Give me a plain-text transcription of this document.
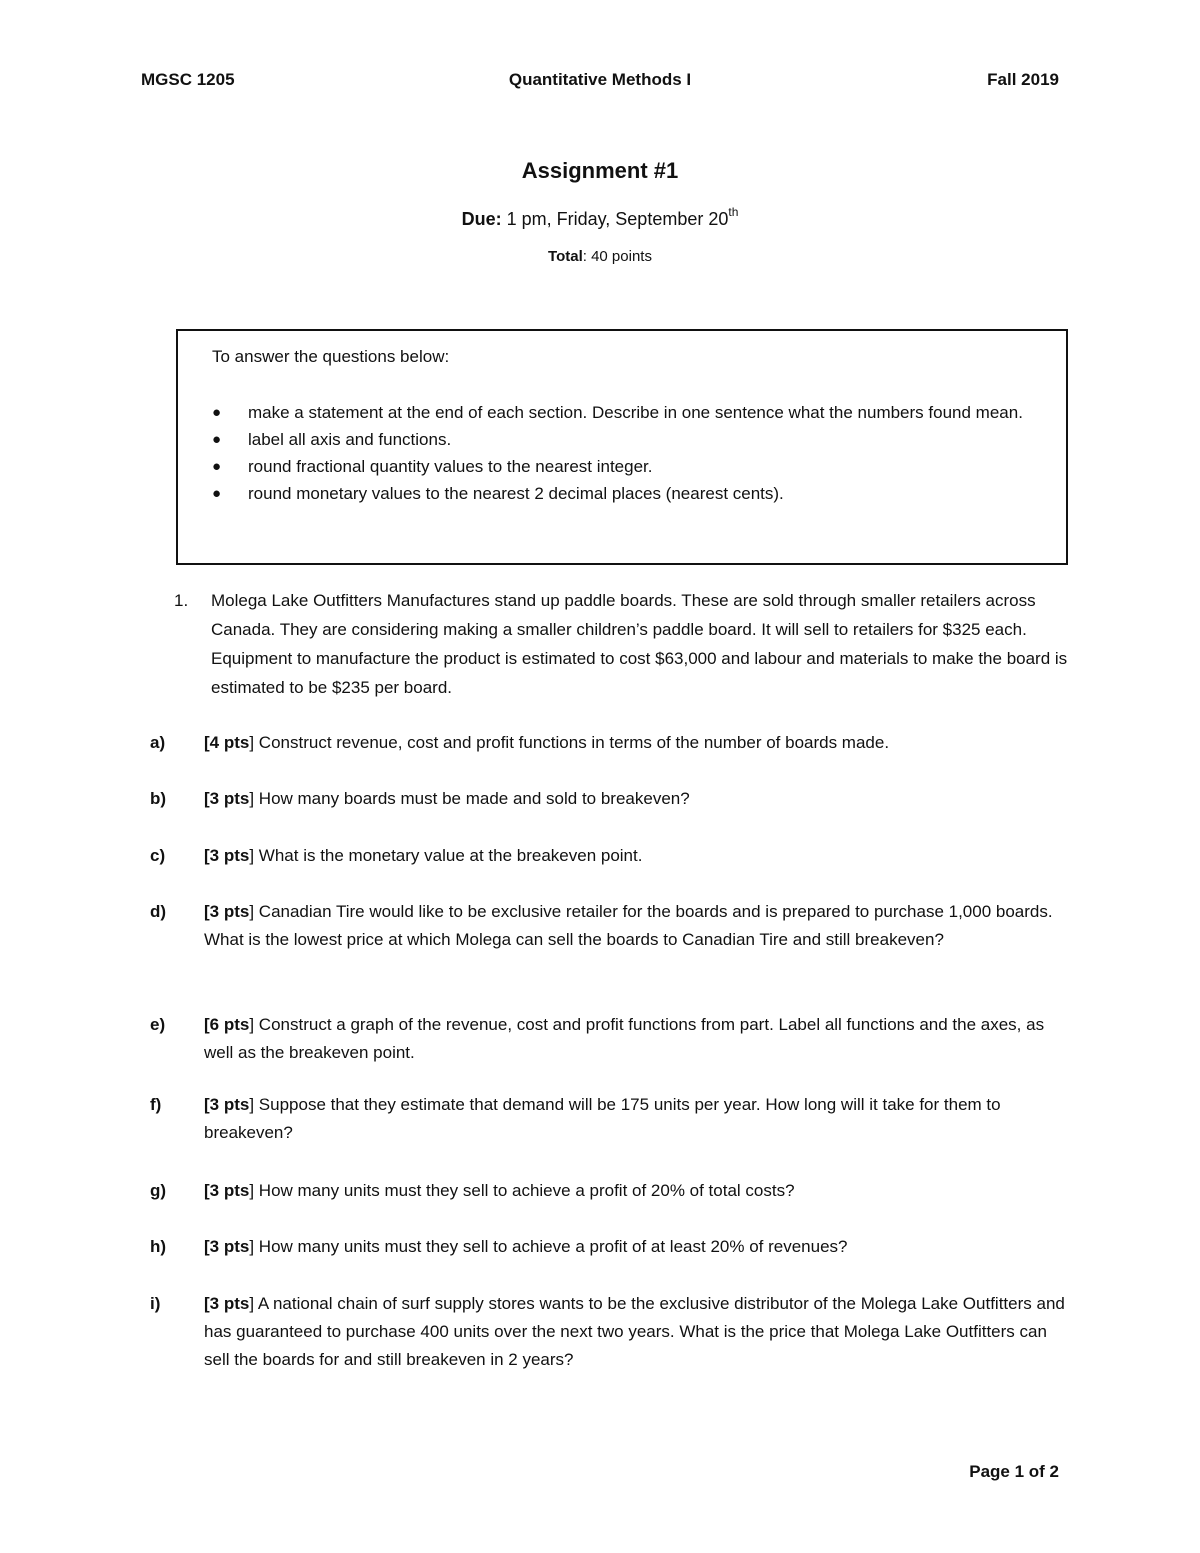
MGSC 1205	Quantitative Methods I	Fall 2019
Assignment #1
Due: 1 pm, Friday, September 20th
Total: 40 points
To answer the questions below:
● make a statement at the end of each section. Describe in one sentence what the numbers found mean.
● label all axis and functions.
● round fractional quantity values to the nearest integer.
● round monetary values to the nearest 2 decimal places (nearest cents).
1. Molega Lake Outfitters Manufactures stand up paddle boards. These are sold through smaller retailers across Canada. They are considering making a smaller children’s paddle board. It will sell to retailers for $325 each. Equipment to manufacture the product is estimated to cost $63,000 and labour and materials to make the board is estimated to be $235 per board.
a) [4 pts] Construct revenue, cost and profit functions in terms of the number of boards made.
b) [3 pts] How many boards must be made and sold to breakeven?
c) [3 pts] What is the monetary value at the breakeven point.
d) [3 pts] Canadian Tire would like to be exclusive retailer for the boards and is prepared to purchase 1,000 boards. What is the lowest price at which Molega can sell the boards to Canadian Tire and still breakeven?
e) [6 pts] Construct a graph of the revenue, cost and profit functions from part. Label all functions and the axes, as well as the breakeven point.
f)	[3 pts] Suppose that they estimate that demand will be 175 units per year. How long will it take for them to breakeven?
g) [3 pts] How many units must they sell to achieve a profit of 20% of total costs?
h) [3 pts] How many units must they sell to achieve a profit of at least 20% of revenues?
i)	[3 pts] A national chain of surf supply stores wants to be the exclusive distributor of the Molega Lake Outfitters and has guaranteed to purchase 400 units over the next two years. What is the price that Molega Lake Outfitters can sell the boards for and still breakeven in 2 years?
Page 1 of 2
